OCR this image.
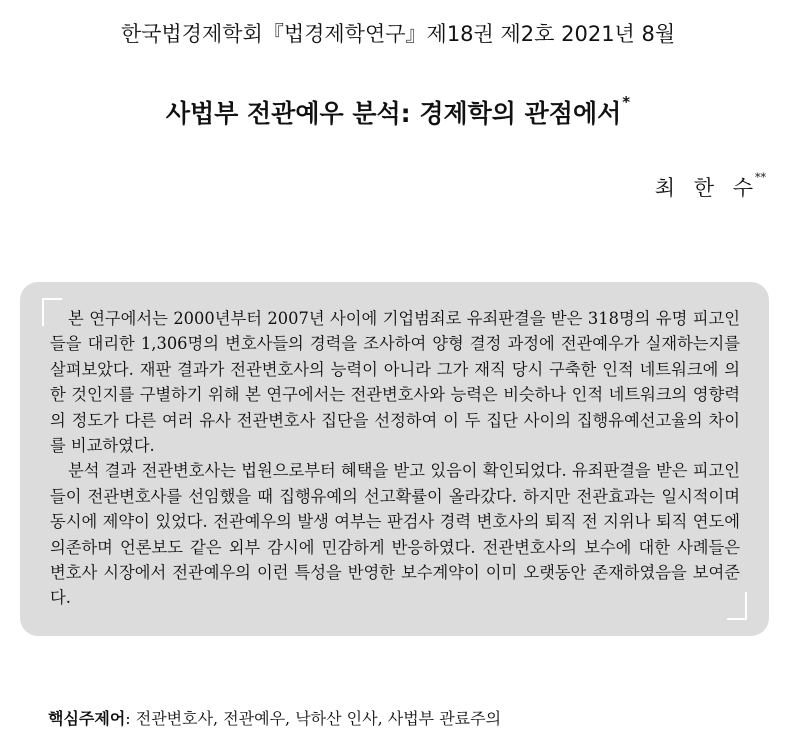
한국법경제학회『법경제학연구』제18권 제2호 2021년 8월
사법부 전관예우 분석: 경제학의 관점에서*
최 한 수**

본 연구에서는 2000년부터 2007년 사이에 기업범죄로 유죄판결을 받은 318명의 유명 피고인들을 대리한 1,306명의 변호사들의 경력을 조사하여 양형 결정 과정에 전관예우가 실재하는지를 살펴보았다. 재판 결과가 전관변호사의 능력이 아니라 그가 재직 당시 구축한 인적 네트워크에 의한 것인지를 구별하기 위해 본 연구에서는 전관변호사와 능력은 비슷하나 인적 네트워크의 영향력의 정도가 다른 여러 유사 전관변호사 집단을 선정하여 이 두 집단 사이의 집행유예선고율의 차이를 비교하였다.

분석 결과 전관변호사는 법원으로부터 혜택을 받고 있음이 확인되었다. 유죄판결을 받은 피고인들이 전관변호사를 선임했을 때 집행유예의 선고확률이 올라갔다. 하지만 전관효과는 일시적이며 동시에 제약이 있었다. 전관예우의 발생 여부는 판검사 경력 변호사의 퇴직 전 지위나 퇴직 연도에 의존하며 언론보도 같은 외부 감시에 민감하게 반응하였다. 전관변호사의 보수에 대한 사례들은 변호사 시장에서 전관예우의 이런 특성을 반영한 보수계약이 이미 오랫동안 존재하였음을 보여준다.

핵심주제어: 전관변호사, 전관예우, 낙하산 인사, 사법부 관료주의
